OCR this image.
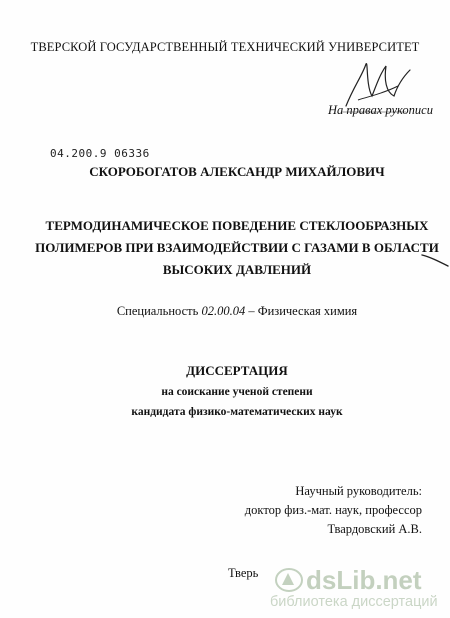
ТВЕРСКОЙ ГОСУДАРСТВЕННЫЙ ТЕХНИЧЕСКИЙ УНИВЕРСИТЕТ
На правах рукописи
04.200.9 06336
СКОРОБОГАТОВ АЛЕКСАНДР МИХАЙЛОВИЧ
ТЕРМОДИНАМИЧЕСКОЕ ПОВЕДЕНИЕ СТЕКЛООБРАЗНЫХ
ПОЛИМЕРОВ ПРИ ВЗАИМОДЕЙСТВИИ С ГАЗАМИ В ОБЛАСТИ
ВЫСОКИХ ДАВЛЕНИЙ
Специальность 02.00.04 – Физическая химия
ДИССЕРТАЦИЯ
на соискание ученой степени
кандидата физико-математических наук
Научный руководитель:
доктор физ.-мат. наук, профессор
Твардовский А.В.
Тверь dsLib.net
библиотека диссертаций
